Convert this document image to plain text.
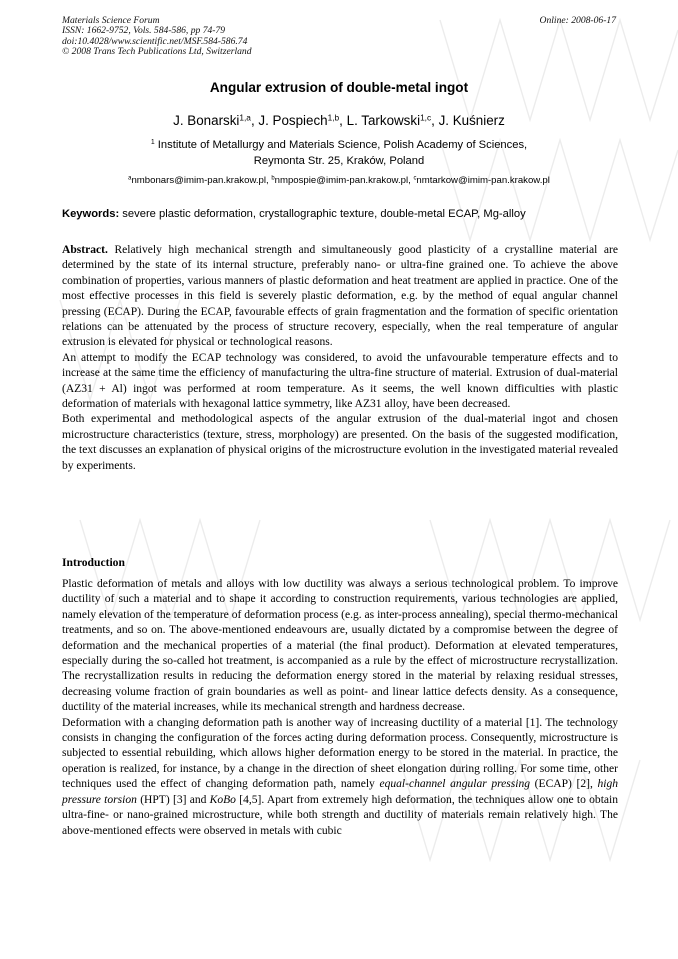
Materials Science Forum
ISSN: 1662-9752, Vols. 584-586, pp 74-79
doi:10.4028/www.scientific.net/MSF.584-586.74
© 2008 Trans Tech Publications Ltd, Switzerland
Online: 2008-06-17
Angular extrusion of double-metal ingot
J. Bonarski$^{1,a}$, J. Pospiech$^{1,b}$, L. Tarkowski$^{1,c}$, J. Kuśnierz
$^1$ Institute of Metallurgy and Materials Science, Polish Academy of Sciences,
Reymonta Str. 25, Kraków, Poland
$^a$nmbonars@imim-pan.krakow.pl, $^b$nmpospie@imim-pan.krakow.pl, $^c$nmtarkow@imim-pan.krakow.pl
Keywords: severe plastic deformation, crystallographic texture, double-metal ECAP, Mg-alloy

Abstract. Relatively high mechanical strength and simultaneously good plasticity of a crystalline material are determined by the state of its internal structure, preferably nano- or ultra-fine grained one. To achieve the above combination of properties, various manners of plastic deformation and heat treatment are applied in practice. One of the most effective processes in this field is severely plastic deformation, e.g. by the method of equal angular channel pressing (ECAP). During the ECAP, favourable effects of grain fragmentation and the formation of specific orientation relations can be attenuated by the process of structure recovery, especially, when the real temperature of angular extrusion is elevated for physical or technological reasons.

An attempt to modify the ECAP technology was considered, to avoid the unfavourable temperature effects and to increase at the same time the efficiency of manufacturing the ultra-fine structure of material. Extrusion of dual-material (AZ31 + Al) ingot was performed at room temperature. As it seems, the well known difficulties with plastic deformation of materials with hexagonal lattice symmetry, like AZ31 alloy, have been decreased.

Both experimental and methodological aspects of the angular extrusion of the dual-material ingot and chosen microstructure characteristics (texture, stress, morphology) are presented. On the basis of the suggested modification, the text discusses an explanation of physical origins of the microstructure evolution in the investigated material revealed by experiments.

Introduction

Plastic deformation of metals and alloys with low ductility was always a serious technological problem. To improve ductility of such a material and to shape it according to construction requirements, various technologies are applied, namely elevation of the temperature of deformation process (e.g. as inter-process annealing), special thermo-mechanical treatments, and so on. The above-mentioned endeavours are, usually dictated by a compromise between the degree of deformation and the mechanical properties of a material (the final product). Deformation at elevated temperatures, especially during the so-called hot treatment, is accompanied as a rule by the effect of microstructure recrystallization. The recrystallization results in reducing the deformation energy stored in the material by relaxing residual stresses, decreasing volume fraction of grain boundaries as well as point- and linear lattice defects density. As a consequence, ductility of the material increases, while its mechanical strength and hardness decrease.

Deformation with a changing deformation path is another way of increasing ductility of a material [1]. The technology consists in changing the configuration of the forces acting during deformation process. Consequently, microstructure is subjected to essential rebuilding, which allows higher deformation energy to be stored in the material. In practice, the operation is realized, for instance, by a change in the direction of sheet elongation during rolling. For some time, other techniques used the effect of changing deformation path, namely equal-channel angular pressing (ECAP) [2], high pressure torsion (HPT) [3] and KoBo [4,5]. Apart from extremely high deformation, the techniques allow one to obtain ultra-fine- or nano-grained microstructure, while both strength and ductility of materials remain relatively high. The above-mentioned effects were observed in metals with cubic
